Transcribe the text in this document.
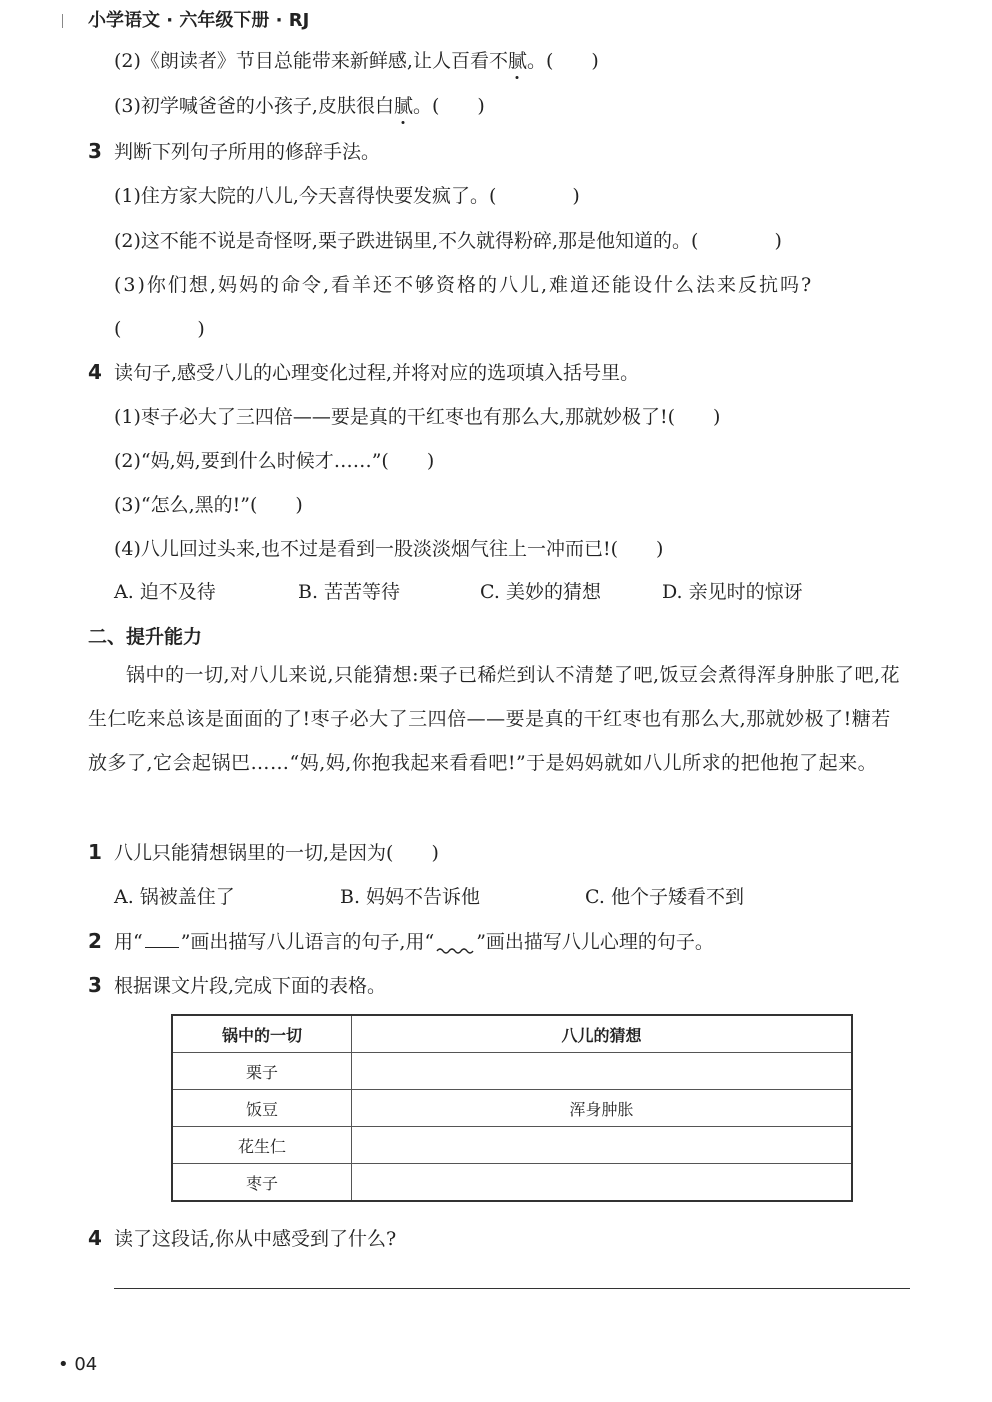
小学语文 · 六年级下册 · RJ
(2)《朗读者》节目总能带来新鲜感,让人百看不腻。(　　)
(3)初学喊爸爸的小孩子,皮肤很白腻。(　　)
3 判断下列句子所用的修辞手法。
(1)住方家大院的八儿,今天喜得快要发疯了。(　　　　)
(2)这不能不说是奇怪呀,栗子跌进锅里,不久就得粉碎,那是他知道的。(　　　　)
(3)你们想,妈妈的命令,看羊还不够资格的八儿,难道还能设什么法来反抗吗?
(　　　　)
4 读句子,感受八儿的心理变化过程,并将对应的选项填入括号里。
(1)枣子必大了三四倍——要是真的干红枣也有那么大,那就妙极了!(　　)
(2)“妈,妈,要到什么时候才……”(　　)
(3)“怎么,黑的!”(　　)
(4)八儿回过头来,也不过是看到一股淡淡烟气往上一冲而已!(　　)
A. 迫不及待	B. 苦苦等待	C. 美妙的猜想	D. 亲见时的惊讶
二、提升能力
锅中的一切,对八儿来说,只能猜想:栗子已稀烂到认不清楚了吧,饭豆会煮得浑身肿胀了吧,花生仁吃来总该是面面的了!枣子必大了三四倍——要是真的干红枣也有那么大,那就妙极了!糖若放多了,它会起锅巴……“妈,妈,你抱我起来看看吧!”于是妈妈就如八儿所求的把他抱了起来。
1 八儿只能猜想锅里的一切,是因为(　　)
A. 锅被盖住了	B. 妈妈不告诉他	C. 他个子矮看不到
2 用“ ”画出描写八儿语言的句子,用“ ”画出描写八儿心理的句子。
3 根据课文片段,完成下面的表格。
锅中的一切	八儿的猜想
栗子	
饭豆	浑身肿胀
花生仁	
枣子	
4 读了这段话,你从中感受到了什么?
• 04
